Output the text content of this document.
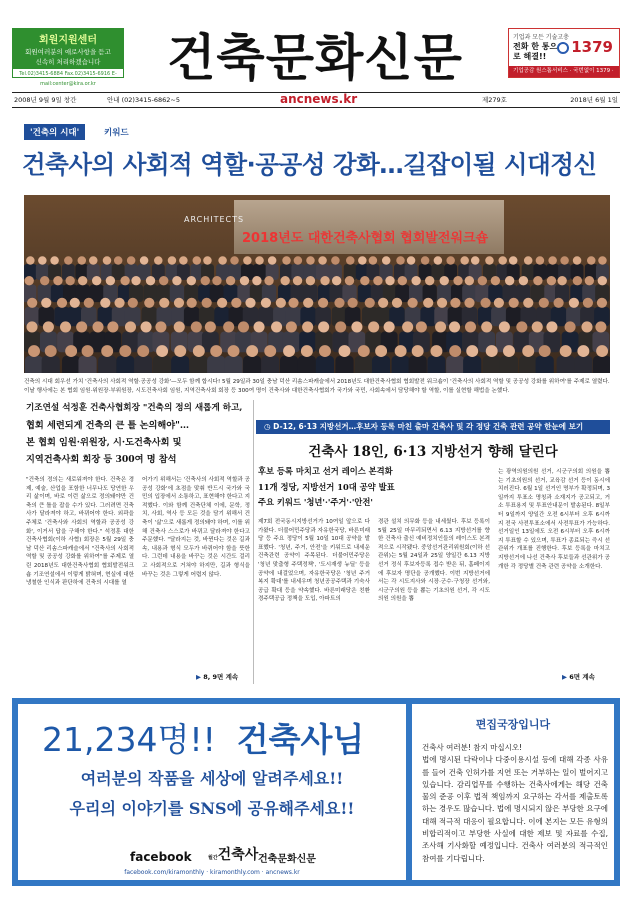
회원지원센터
회원여러분의 애로사항을 듣고
신속히 처리하겠습니다
Tel.02)3415-6884 Fax.02)3415-6916 E-mail:center@kira.or.kr	건축문화신문	기업과 모든 기술고충
전화 한 통으로 해결!!
1379
기업공감 원스톱서비스 · 국번없이 1379 · www.1379.go.kr
2008년 9월 9일 창간	안내 (02)3415-6862~5	ancnews.kr	제279호	2018년 6월 1일
'건축의 시대'	키워드
건축사의 사회적 역할·공공성 강화…길잡이될 시대정신
ARCHITECTS
2018년도 대한건축사협회 협회발전워크숍
건축의 시대 회우선 가치 '건축사의 사회적 역할·공공성 강화'—모두 함께 합시다! 5월 29일과 30일 충남 덕산 리솜스파캐슬에서 2018년도 대한건축사협회 협회발전 워크숍이 '건축사의 사회적 역할 및 공공성 강화를 위하여'를 주제로 열렸다. 이날 행사에는 본 협회 임원·위원장·부위원장, 시도건축사회 임원, 지역건축사회 회장 등 300여 명이 건축사와 대한건축사협회가 국가와 국민, 사회속에서 담당해야 할 역할, 이를 실현할 해법을 논했다.
기조연설 석정훈 건축사협회장 "건축의 정의 새롭게 하고,
협회 세련되게 건축의 큰 틀 논의해야"…
본 협회 임원·위원장, 시·도건축사회 및
지역건축사회 회장 등 300여 명 참석
"건축의 정의는 새로워져야 한다. 건축은 경제, 예술, 산업을 포함한 너무나도 당연한 우리 삶이며, 바로 이런 삶으로 정의돼야만 건축의 큰 틀을 잡을 수가 있다. 그러려면 건축사가 달라져야 하고, 바뀌어야 한다. 외곽을 주체로 '건축사와 사회의 역할과 공공성 강화', 이거서 답을 구해야 한다." 석정훈 대한건축사협회(이하 사협) 회장은 5월 29일 충남 덕산 리솜스파캐슬에서 "건축사의 사회적 역할 및 공공성 강화를 위하여"를 주제로 열린 2018년도 대한건축사협회 협회발전워크숍 기조연설에서 이렇게 밝혀며, 현실에 대한 냉철한 인식과 판단하에 건축의 시대를 열
어가기 위해서는 '건축사의 사회적 역할과 공공성 강화'에 초점을 맞춰 반드시 국가와 국민의 입장에서 소통하고, 표현해야 한다고 지적했다. 이와 함께 건축단체 이에, 문학, 정치, 사회, 역사 등 모든 것을 담기 위해서 건축이 '삶'으로 새롭게 정의돼야 하며, 이를 위해 건축사 스스로가 바뀌고 달라져야 한다고 주문했다. "달라지는 것, 바뀐다는 것은 길과 속, 내용과 형식 모두가 바뀌어야 함을 뜻한다. 그런데 내용을 바꾸는 것은 시간도 걸리고 사회적으로 거쳐야 하지만, 길과 형식을 바꾸는 것은 그렇게 어렵지 않다.
▶ 8, 9면 계속
◷ D-12, 6·13 지방선거…후보자 등록 마친 출마 건축사 및 각 정당 건축 관련 공약 한눈에 보기
건축사 18인, 6·13 지방선거 향해 달린다
후보 등록 마치고 선거 레이스 본격화
11개 정당, 지방선거 10대 공약 발표
주요 키워드 '청년'·'주거'·'안전'
제7회 전국동시지방선거가 10여일 앞으로 다가왔다. 더불어민주당과 자유한국당, 바른미래당 등 주요 정당이 5월 10일 10대 공약을 발표했다. '청년, 주거, 안전'을 키워드로 내세운 건축관련 공약이 주목된다. 더불어민주당은 '청년 맞춤형 주택정책', '도시재생 뉴딜' 등을 공약에 내걸었으며, 자유한국당은 '청년 주거복지 확대'를 내세우며 청년공공주택과 기숙사 공급 확대 등을 약속했다. 바른미래당은 친환경주택공급 정책을 도입, 아파트의
경관 설치 의무화 등을 내세웠다. 후보 등록이 5월 25일 마무리되면서 6.13 지방선거를 향한 건축사 출신 예비정치인들의 레이스도 본격적으로 시작됐다. 중앙선거관리위원회(이하 선관위)는 5월 24일과 25일 양일간 6.13 지방선거 정식 후보자등록 접수 받은 뒤, 홈페이지에 후보자 명단을 공개했다. 이번 지방선거에서는 각 시도지사와 시장·군수·구청장 선거와, 시군구의원 등을 뽑는 기초의원 선거, 각 시도의원 의원을 뽑
는 광역의원의원 선거, 시군구의회 의원을 뽑는 기초의원의 선거, 교육감 선거 등이 동시에 치러진다. 6월 1일 선거인 명부가 확정되며, 3일까지 투표소 명칭과 소재지가 공고되고, 거소 투표용지 및 투표안내문이 발송된다. 8일부터 9일까지 양일간 오전 6시부터 오후 6시까지 전국 사전투표소에서 사전투표가 가능하다. 선거일인 13일에도 오전 6시부터 오후 6시까지 투표할 수 있으며, 투표가 종료되는 즉시 선관위가 개표를 진행한다. 후보 등록을 마치고 지방선거에 나선 건축사 후보들과 선관위가 공개한 각 정당별 건축 관련 공약을 소개한다.
▶ 6면 계속
21,234명!! 건축사님
여러분의 작품을 세상에 알려주세요!!
우리의 이야기를 SNS에 공유해주세요!!
facebook	월간건축사 건축문화신문
facebook.com/kiramonthly · kiramonthly.com · ancnews.kr
편집국장입니다
건축사 여러분! 참지 마십시오!
법에 명시된 다락이나 다중이용시설 등에 대해 각종 사유를 들어 건축 인허가를 지연 또는 거부하는 일이 벌어지고 있습니다. 감리업무를 수행하는 건축사에게는 해당 건축물의 준공 이후 법적 책임까지 요구하는 각서를 제출토록 하는 경우도 많습니다. 법에 명시되지 않은 부당한 요구에 대해 적극적 대응이 필요합니다. 이에 본지는 모든 유형의 비합리적이고 부당한 사실에 대한 제보 및 자료를 수집, 조사해 기사화할 예정입니다. 건축사 여러분의 적극적인 참여를 기다립니다.
